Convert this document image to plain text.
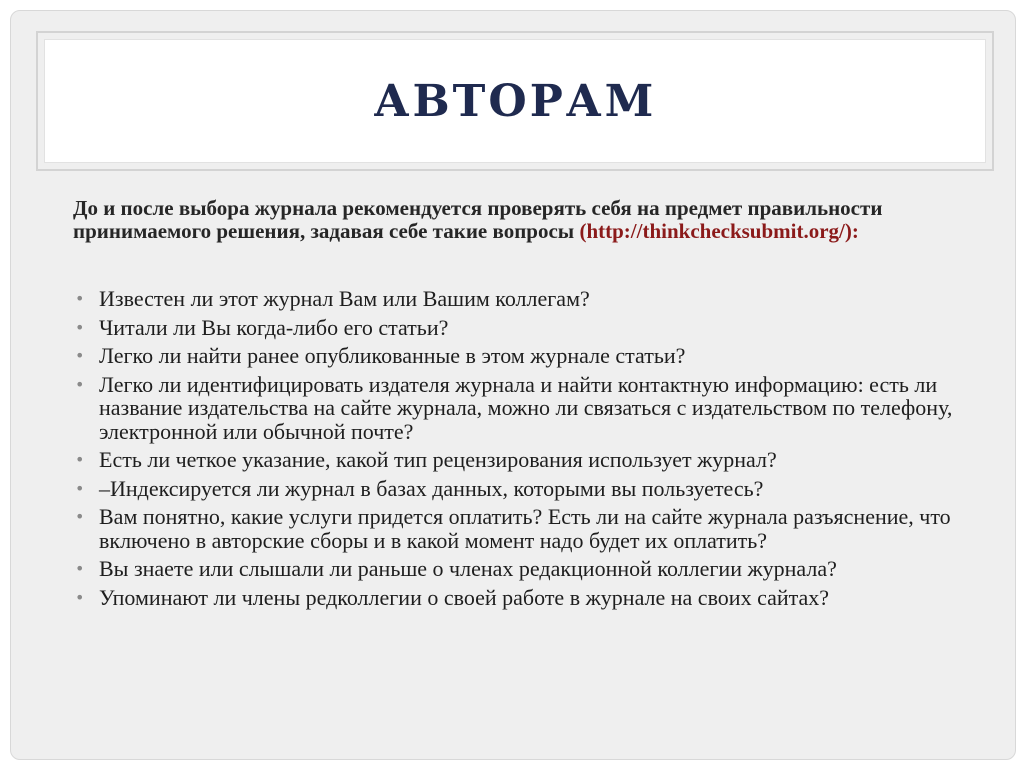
АВТОРАМ

До и после выбора журнала рекомендуется проверять себя на предмет правильности принимаемого решения, задавая себе такие вопросы (http://thinkchecksubmit.org/):

• Известен ли этот журнал Вам или Вашим коллегам?
• Читали ли Вы когда-либо его статьи?
• Легко ли найти ранее опубликованные в этом журнале статьи?
• Легко ли идентифицировать издателя журнала и найти контактную информацию: есть ли название издательства на сайте журнала, можно ли связаться с издательством по телефону, электронной или обычной почте?
• Есть ли четкое указание, какой тип рецензирования использует журнал?
• –Индексируется ли журнал в базах данных, которыми вы пользуетесь?
• Вам понятно, какие услуги придется оплатить? Есть ли на сайте журнала разъяснение, что включено в авторские сборы и в какой момент надо будет их оплатить?
• Вы знаете или слышали ли раньше о членах редакционной коллегии журнала?
• Упоминают ли члены редколлегии о своей работе в журнале на своих сайтах?
